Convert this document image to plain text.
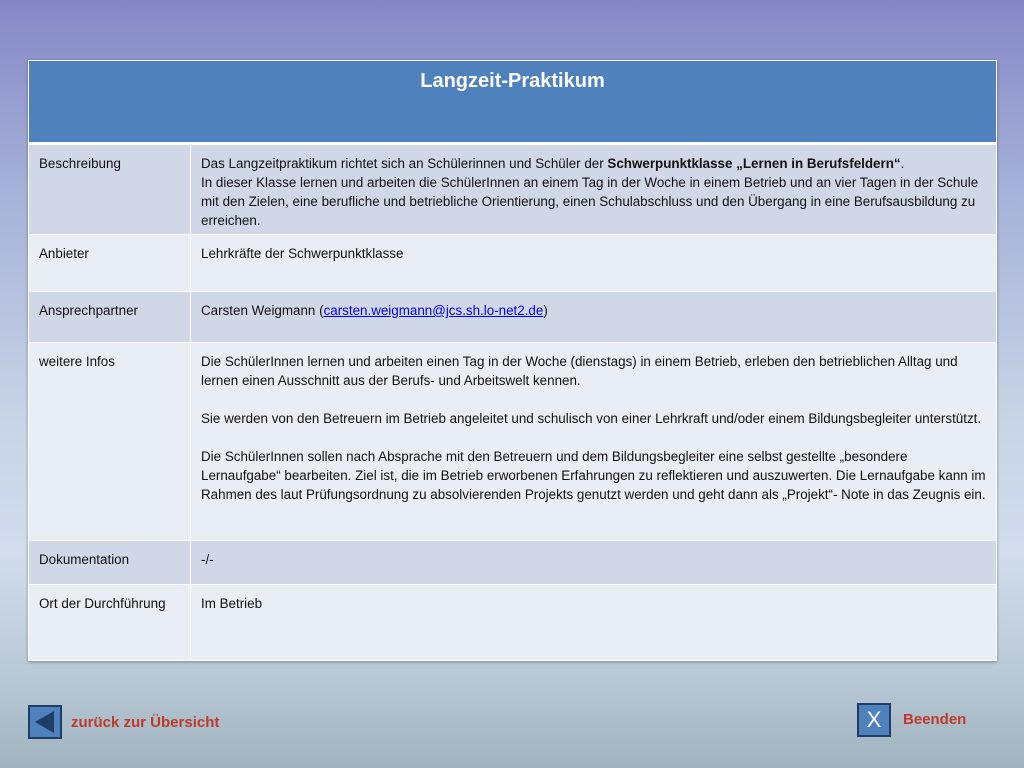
Langzeit-Praktikum	
Beschreibung	Das Langzeitpraktikum richtet sich an Schülerinnen und Schüler der Schwerpunktklasse „Lernen in Berufsfeldern“.
In dieser Klasse lernen und arbeiten die SchülerInnen an einem Tag in der Woche in einem Betrieb und an vier Tagen in der Schule mit den Zielen, eine berufliche und betriebliche Orientierung, einen Schulabschluss und den Übergang in eine Berufsausbildung zu erreichen.
Anbieter	Lehrkräfte der Schwerpunktklasse
Ansprechpartner	Carsten Weigmann (carsten.weigmann@jcs.sh.lo-net2.de)
weitere Infos	Die SchülerInnen lernen und arbeiten einen Tag in der Woche (dienstags) in einem Betrieb, erleben den betrieblichen Alltag und lernen einen Ausschnitt aus der Berufs- und Arbeitswelt kennen.

Sie werden von den Betreuern im Betrieb angeleitet und schulisch von einer Lehrkraft und/oder einem Bildungsbegleiter unterstützt.

Die SchülerInnen sollen nach Absprache mit den Betreuern und dem Bildungsbegleiter eine selbst gestellte „besondere Lernaufgabe“ bearbeiten. Ziel ist, die im Betrieb erworbenen Erfahrungen zu reflektieren und auszuwerten. Die Lernaufgabe kann im Rahmen des laut Prüfungsordnung zu absolvierenden Projekts genutzt werden und geht dann als „Projekt“- Note in das Zeugnis ein.

Dokumentation	-/-
Ort der Durchführung	Im Betrieb
zurück zur Übersicht	X Beenden
